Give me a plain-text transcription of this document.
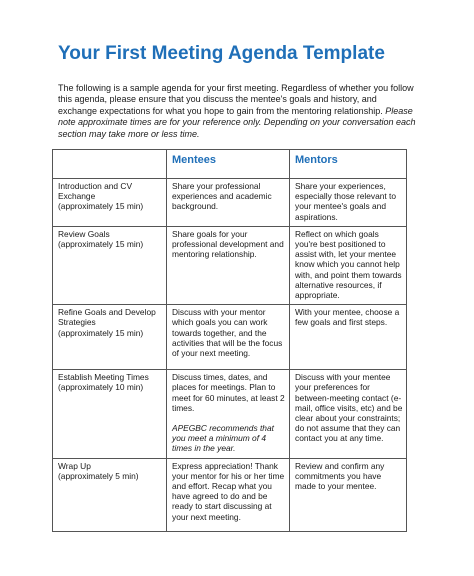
Your First Meeting Agenda Template

The following is a sample agenda for your first meeting. Regardless of whether you follow this agenda, please ensure that you discuss the mentee's goals and history, and exchange expectations for what you hope to gain from the mentoring relationship. Please note approximate times are for your reference only. Depending on your conversation each section may take more or less time.

	Mentees	Mentors

Introduction and CV Exchange
(approximately 15 min)	Share your professional experiences and academic background.	Share your experiences, especially those relevant to your mentee's goals and aspirations.

Review Goals
(approximately 15 min)	Share goals for your professional development and mentoring relationship.	Reflect on which goals you're best positioned to assist with, let your mentee know which you cannot help with, and point them towards alternative resources, if appropriate.

Refine Goals and Develop Strategies
(approximately 15 min)	Discuss with your mentor which goals you can work towards together, and the activities that will be the focus of your next meeting.	With your mentee, choose a few goals and first steps.

Establish Meeting Times
(approximately 10 min)	Discuss times, dates, and places for meetings. Plan to meet for 60 minutes, at least 2 times.
APEGBC recommends that you meet a minimum of 4 times in the year.	Discuss with your mentee your preferences for between-meeting contact (e-mail, office visits, etc) and be clear about your constraints; do not assume that they can contact you at any time.

Wrap Up
(approximately 5 min)	Express appreciation! Thank your mentor for his or her time and effort. Recap what you have agreed to do and be ready to start discussing at your next meeting.	Review and confirm any commitments you have made to your mentee.
